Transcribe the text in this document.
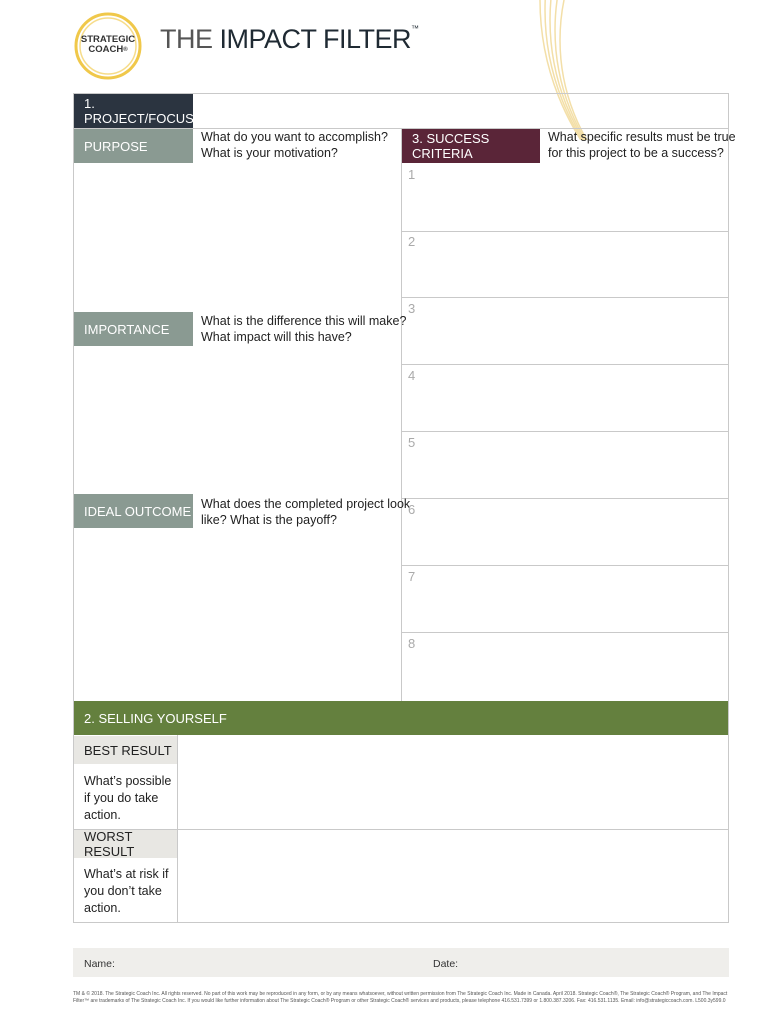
STRATEGIC
COACH®	THE IMPACT FILTER™
1. PROJECT/FOCUS
PURPOSE
What do you want to accomplish?
What is your motivation?
IMPORTANCE
What is the difference this will make?
What impact will this have?
IDEAL OUTCOME What does the completed project look
like? What is the payoff?
3. SUCCESS CRITERIA
What specific results must be true
for this project to be a success?
1
2
3
4
5
6
7
8
2. SELLING YOURSELF
BEST RESULT
What’s possible
if you do take
action.
WORST RESULT
What’s at risk if
you don’t take
action.
Name:	Date:
TM & © 2018. The Strategic Coach Inc. All rights reserved. No part of this work may be reproduced in any form, or by any means whatsoever, without written permission from The Strategic Coach Inc. Made in Canada. April 2018. Strategic Coach®, The Strategic Coach® Program, and The Impact Filter™ are trademarks of The Strategic Coach Inc. If you would like further information about The Strategic Coach® Program or other Strategic Coach® services and products, please telephone 416.531.7399 or 1.800.387.3206. Fax: 416.531.1135. Email: info@strategiccoach.com. L500.3y599.0
